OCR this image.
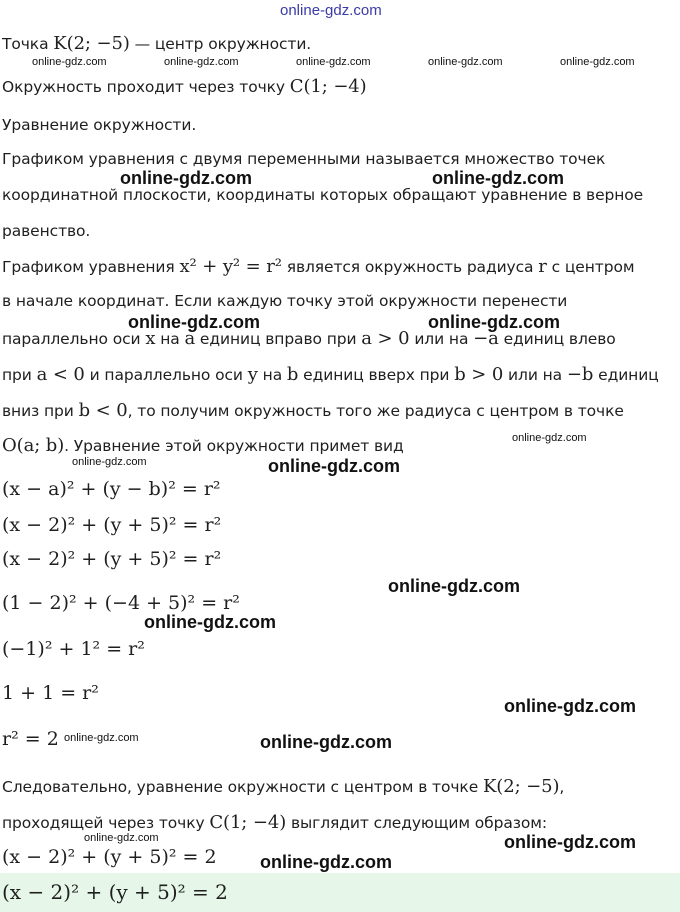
online-gdz.com
Точка K(2; −5) — центр окружности.
Окружность проходит через точку C(1; −4)
Уравнение окружности.
Графиком уравнения с двумя переменными называется множество точек
координатной плоскости, координаты которых обращают уравнение в верное
равенство.
Графиком уравнения x² + y² = r² является окружность радиуса r с центром
в начале координат. Если каждую точку этой окружности перенести
параллельно оси x на a единиц вправо при a > 0 или на −a единиц влево
при a < 0 и параллельно оси y на b единиц вверх при b > 0 или на −b единиц
вниз при b < 0, то получим окружность того же радиуса с центром в точке
O(a; b). Уравнение этой окружности примет вид
(x − a)² + (y − b)² = r²
(x − 2)² + (y + 5)² = r²
(x − 2)² + (y + 5)² = r²
(1 − 2)² + (−4 + 5)² = r²
(−1)² + 1² = r²
1 + 1 = r²
r² = 2
Следовательно, уравнение окружности с центром в точке K(2; −5),
проходящей через точку C(1; −4) выглядит следующим образом:
(x − 2)² + (y + 5)² = 2
(x − 2)² + (y + 5)² = 2
online-gdz.com	online-gdz.com
online-gdz.com	online-gdz.com
online-gdz.com
online-gdz.com
online-gdz.com
online-gdz.com
online-gdz.com
online-gdz.com
online-gdz.com
online-gdz.com	online-gdz.com	online-gdz.com	online-gdz.com	online-gdz.com
online-gdz.com
online-gdz.com
online-gdz.com
online-gdz.com
